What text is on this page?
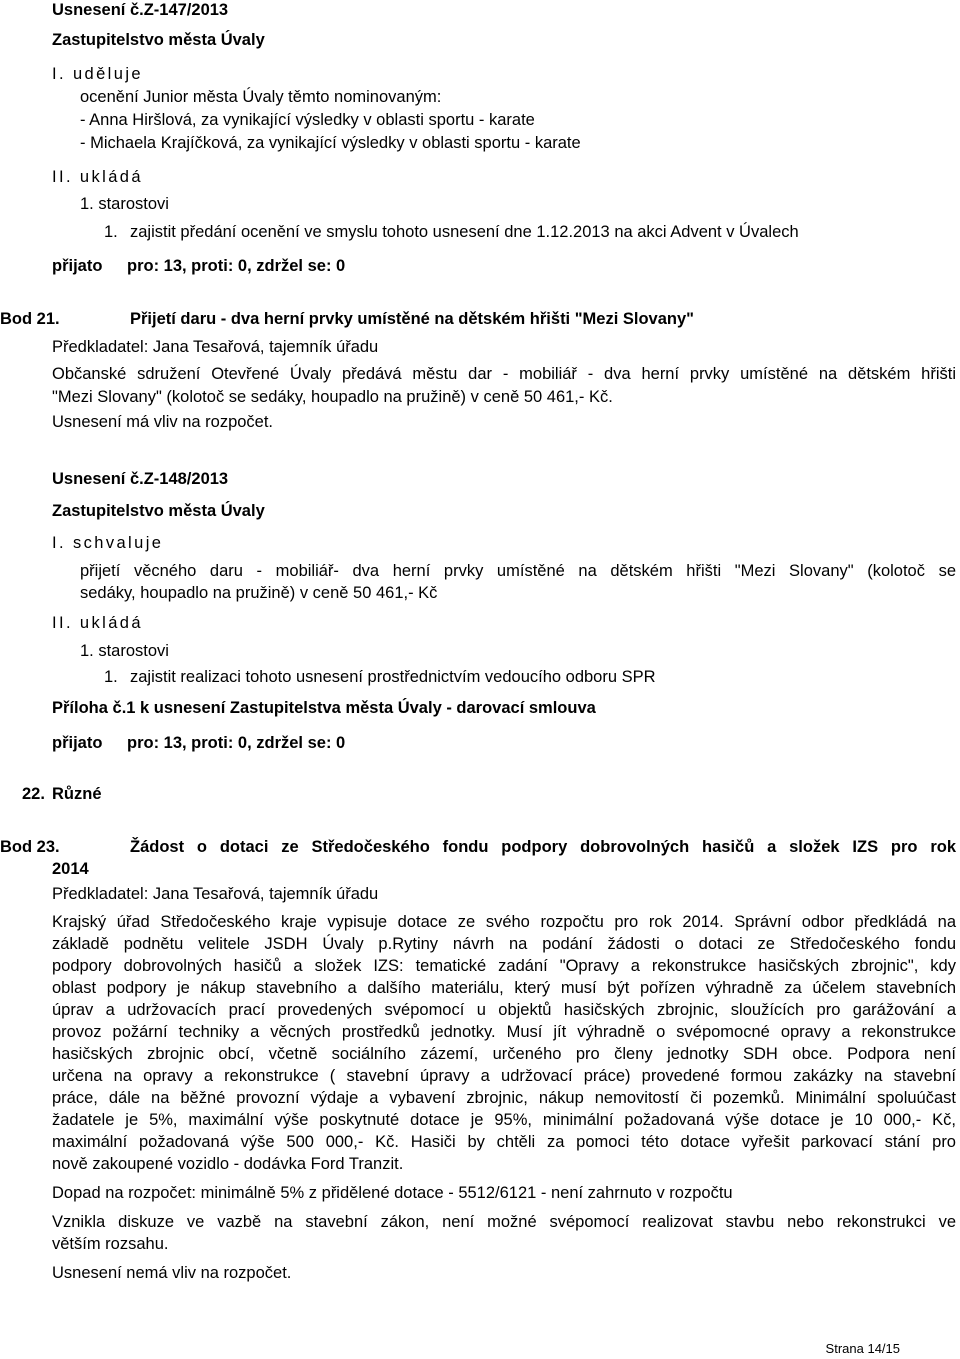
Usnesení č.Z-147/2013
Zastupitelstvo města Úvaly
I. uděluje
ocenění Junior města Úvaly těmto nominovaným:
- Anna Hiršlová, za vynikající výsledky v oblasti sportu - karate
- Michaela Krajíčková, za vynikající výsledky v oblasti sportu - karate
II. ukládá
1. starostovi
1. zajistit předání ocenění ve smyslu tohoto usnesení dne 1.12.2013 na akci Advent v Úvalech
přijato pro: 13, proti: 0, zdržel se: 0
Bod 21.	Přijetí daru - dva herní prvky umístěné na dětském hřišti "Mezi Slovany"
Předkladatel: Jana Tesařová, tajemník úřadu
Občanské sdružení Otevřené Úvaly předává městu dar - mobiliář - dva herní prvky umístěné na dětském hřišti
"Mezi Slovany" (kolotoč se sedáky, houpadlo na pružině) v ceně 50 461,- Kč.
Usnesení má vliv na rozpočet.
Usnesení č.Z-148/2013
Zastupitelstvo města Úvaly
I. schvaluje
přijetí věcného daru - mobiliář- dva herní prvky umístěné na dětském hřišti "Mezi Slovany" (kolotoč se
sedáky, houpadlo na pružině) v ceně 50 461,- Kč
II. ukládá
1. starostovi
1. zajistit realizaci tohoto usnesení prostřednictvím vedoucího odboru SPR
Příloha č.1 k usnesení Zastupitelstva města Úvaly - darovací smlouva
přijato pro: 13, proti: 0, zdržel se: 0
22. Různé
Bod 23.	Žádost o dotaci ze Středočeského fondu podpory dobrovolných hasičů a složek IZS pro rok
2014
Předkladatel: Jana Tesařová, tajemník úřadu
Krajský úřad Středočeského kraje vypisuje dotace ze svého rozpočtu pro rok 2014. Správní odbor předkládá na
základě podnětu velitele JSDH Úvaly p.Rytiny návrh na podání žádosti o dotaci ze Středočeského fondu
podpory dobrovolných hasičů a složek IZS: tematické zadání "Opravy a rekonstrukce hasičských zbrojnic", kdy
oblast podpory je nákup stavebního a dalšího materiálu, který musí být pořízen výhradně za účelem stavebních
úprav a udržovacích prací provedených svépomocí u objektů hasičských zbrojnic, sloužících pro garážování a
provoz požární techniky a věcných prostředků jednotky. Musí jít výhradně o svépomocné opravy a rekonstrukce
hasičských zbrojnic obcí, včetně sociálního zázemí, určeného pro členy jednotky SDH obce. Podpora není
určena na opravy a rekonstrukce ( stavební úpravy a udržovací práce) provedené formou zakázky na stavební
práce, dále na běžné provozní výdaje a vybavení zbrojnic, nákup nemovitostí či pozemků. Minimální spoluúčast
žadatele je 5%, maximální výše poskytnuté dotace je 95%, minimální požadovaná výše dotace je 10 000,- Kč,
maximální požadovaná výše 500 000,- Kč. Hasiči by chtěli za pomoci této dotace vyřešit parkovací stání pro
nově zakoupené vozidlo - dodávka Ford Tranzit.
Dopad na rozpočet: minimálně 5% z přidělené dotace - 5512/6121 - není zahrnuto v rozpočtu
Vznikla diskuze ve vazbě na stavební zákon, není možné svépomocí realizovat stavbu nebo rekonstrukci ve
větším rozsahu.
Usnesení nemá vliv na rozpočet.
Strana 14/15
